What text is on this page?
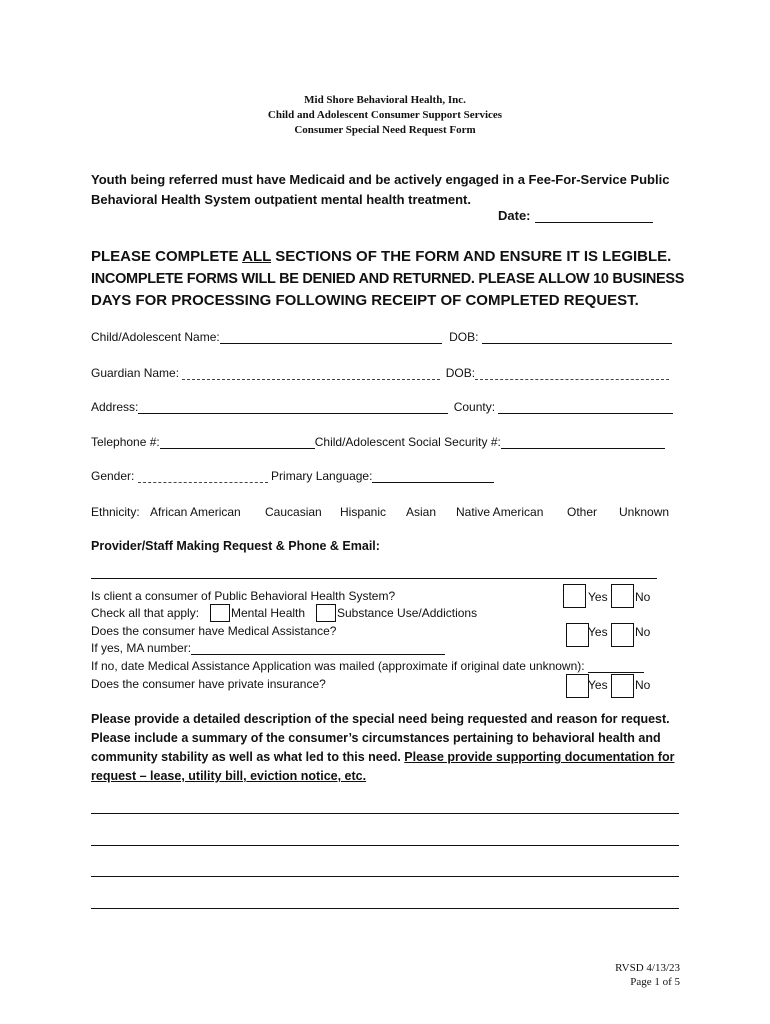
Mid Shore Behavioral Health, Inc.
Child and Adolescent Consumer Support Services
Consumer Special Need Request Form
Youth being referred must have Medicaid and be actively engaged in a Fee-For-Service Public
Behavioral Health System outpatient mental health treatment.
Date:
PLEASE COMPLETE ALL SECTIONS OF THE FORM AND ENSURE IT IS LEGIBLE.
INCOMPLETE FORMS WILL BE DENIED AND RETURNED. PLEASE ALLOW 10 BUSINESS
DAYS FOR PROCESSING FOLLOWING RECEIPT OF COMPLETED REQUEST.
Child/Adolescent Name:	DOB:
Guardian Name:	DOB:
Address:	County:
Telephone #:	Child/Adolescent Social Security #:
Gender:	Primary Language:
Ethnicity: African American Caucasian Hispanic Asian Native American Other Unknown
Provider/Staff Making Request & Phone & Email:
Is client a consumer of Public Behavioral Health System?	Yes No
Check all that apply:	Mental Health	Substance Use/Addictions
Does the consumer have Medical Assistance?	Yes No
If yes, MA number:
If no, date Medical Assistance Application was mailed (approximate if original date unknown):
Does the consumer have private insurance?	Yes No
Please provide a detailed description of the special need being requested and reason for request. Please include a summary of the consumer’s circumstances pertaining to behavioral health and community stability as well as what led to this need. Please provide supporting documentation for request – lease, utility bill, eviction notice, etc.
RVSD 4/13/23
Page 1 of 5
